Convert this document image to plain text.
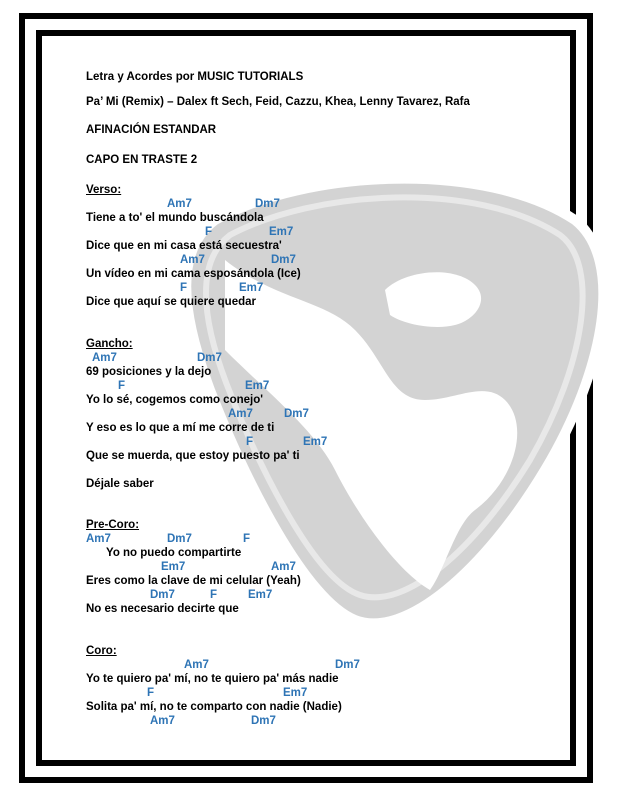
Letra y Acordes por MUSIC TUTORIALS
Pa’ Mi (Remix) – Dalex ft Sech, Feid, Cazzu, Khea, Lenny Tavarez, Rafa
AFINACIÓN ESTANDAR
CAPO EN TRASTE 2
Verso:
Am7	Dm7
Tiene a to' el mundo buscándola
F	Em7
Dice que en mi casa está secuestra'
Am7	Dm7
Un vídeo en mi cama esposándola (Ice)
F	Em7
Dice que aquí se quiere quedar
Gancho:
Am7	Dm7
69 posiciones y la dejo
F	Em7
Yo lo sé, cogemos como conejo'
Am7	Dm7
Y eso es lo que a mí me corre de ti
F	Em7
Que se muerda, que estoy puesto pa' ti
Déjale saber
Pre-Coro:
Am7	Dm7	F
Yo no puedo compartirte
Em7	Am7
Eres como la clave de mi celular (Yeah)
Dm7	F	Em7
No es necesario decirte que
Coro:
Am7	Dm7
Yo te quiero pa' mí, no te quiero pa' más nadie
F	Em7
Solita pa' mí, no te comparto con nadie (Nadie)
Am7	Dm7
